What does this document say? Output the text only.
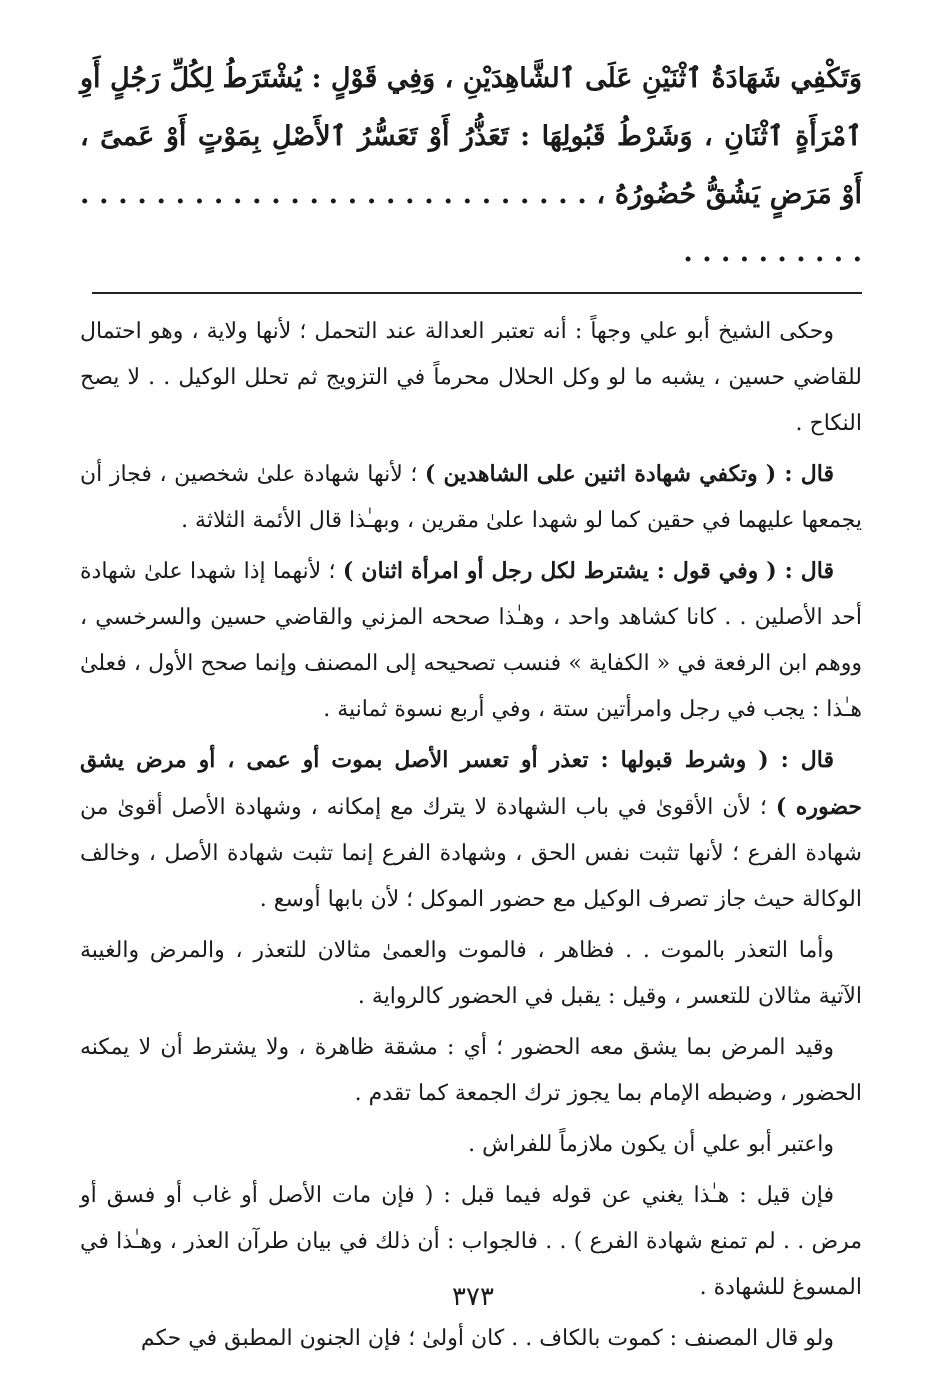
وَتَكْفِي شَهَادَةُ ٱثْنَيْنِ عَلَى ٱلشَّاهِدَيْنِ ، وَفِي قَوْلٍ : يُشْتَرَطُ لِكُلِّ رَجُلٍ أَوِ ٱمْرَأَةٍ ٱثْنَانِ ، وَشَرْطُ قَبُولِهَا : تَعَذُّرُ أَوْ تَعَسُّرُ ٱلأَصْلِ بِمَوْتٍ أَوْ عَمىً ، أَوْ مَرَضٍ يَشُقُّ حُضُورُهُ ، . . . . . . . . . . . . . . . . . . . . . . . . . . . . . . . . . . . . .

وحكى الشيخ أبو علي وجهاً : أنه تعتبر العدالة عند التحمل ؛ لأنها ولاية ، وهو احتمال للقاضي حسين ، يشبه ما لو وكل الحلال محرماً في التزويج ثم تحلل الوكيل . . لا يصح النكاح .

قال : ( وتكفي شهادة اثنين على الشاهدين ) ؛ لأنها شهادة علىٰ شخصين ، فجاز أن يجمعها عليهما في حقين كما لو شهدا علىٰ مقرين ، وبهـٰذا قال الأئمة الثلاثة .

قال : ( وفي قول : يشترط لكل رجل أو امرأة اثنان ) ؛ لأنهما إذا شهدا علىٰ شهادة أحد الأصلين . . كانا كشاهد واحد ، وهـٰذا صححه المزني والقاضي حسين والسرخسي ، ووهم ابن الرفعة في « الكفاية » فنسب تصحيحه إلى المصنف وإنما صحح الأول ، فعلىٰ هـٰذا : يجب في رجل وامرأتين ستة ، وفي أربع نسوة ثمانية .

قال : ( وشرط قبولها : تعذر أو تعسر الأصل بموت أو عمى ، أو مرض يشق حضوره ) ؛ لأن الأقوىٰ في باب الشهادة لا يترك مع إمكانه ، وشهادة الأصل أقوىٰ من شهادة الفرع ؛ لأنها تثبت نفس الحق ، وشهادة الفرع إنما تثبت شهادة الأصل ، وخالف الوكالة حيث جاز تصرف الوكيل مع حضور الموكل ؛ لأن بابها أوسع .

وأما التعذر بالموت . . فظاهر ، فالموت والعمىٰ مثالان للتعذر ، والمرض والغيبة الآتية مثالان للتعسر ، وقيل : يقبل في الحضور كالرواية .

وقيد المرض بما يشق معه الحضور ؛ أي : مشقة ظاهرة ، ولا يشترط أن لا يمكنه الحضور ، وضبطه الإمام بما يجوز ترك الجمعة كما تقدم .

واعتبر أبو علي أن يكون ملازماً للفراش .

فإن قيل : هـٰذا يغني عن قوله فيما قبل : ( فإن مات الأصل أو غاب أو فسق أو مرض . . لم تمنع شهادة الفرع ) . . فالجواب : أن ذلك في بيان طرآن العذر ، وهـٰذا في المسوغ للشهادة .

ولو قال المصنف : كموت بالكاف . . كان أولىٰ ؛ فإن الجنون المطبق في حكم

٣٧٣
